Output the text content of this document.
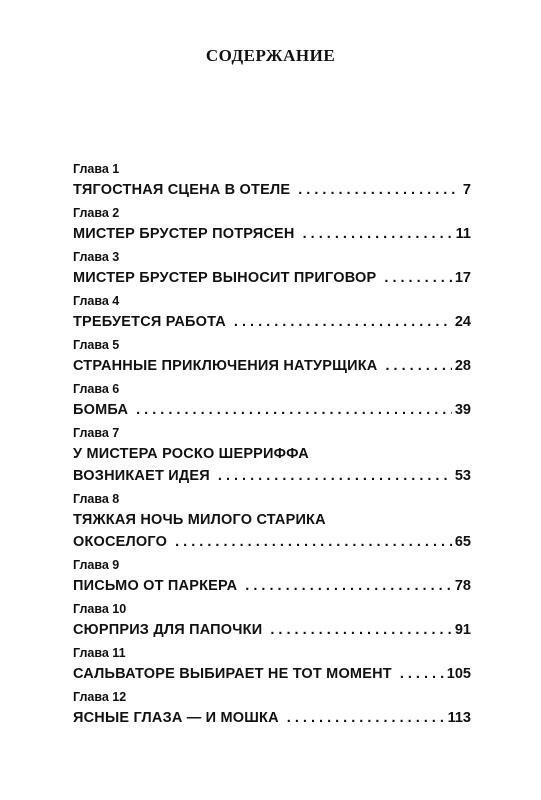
СОДЕРЖАНИЕ
Глава 1
ТЯГОСТНАЯ СЦЕНА В ОТЕЛЕ . . .	7
Глава 2
МИСТЕР БРУСТЕР ПОТРЯСЕН . . .	11
Глава 3
МИСТЕР БРУСТЕР ВЫНОСИТ ПРИГОВОР . . .	17
Глава 4
ТРЕБУЕТСЯ РАБОТА . . .	24
Глава 5
СТРАННЫЕ ПРИКЛЮЧЕНИЯ НАТУРЩИКА . . .	28
Глава 6
БОМБА . . .	39
Глава 7
У МИСТЕРА РОСКО ШЕРРИФФА
ВОЗНИКАЕТ ИДЕЯ . . .	53
Глава 8
ТЯЖКАЯ НОЧЬ МИЛОГО СТАРИКА
ОКОСЕЛОГО . . .	65
Глава 9
ПИСЬМО ОТ ПАРКЕРА . . .	78
Глава 10
СЮРПРИЗ ДЛЯ ПАПОЧКИ . . .	91
Глава 11
САЛЬВАТОРЕ ВЫБИРАЕТ НЕ ТОТ МОМЕНТ . . .	105
Глава 12
ЯСНЫЕ ГЛАЗА — И МОШКА . . .	113
